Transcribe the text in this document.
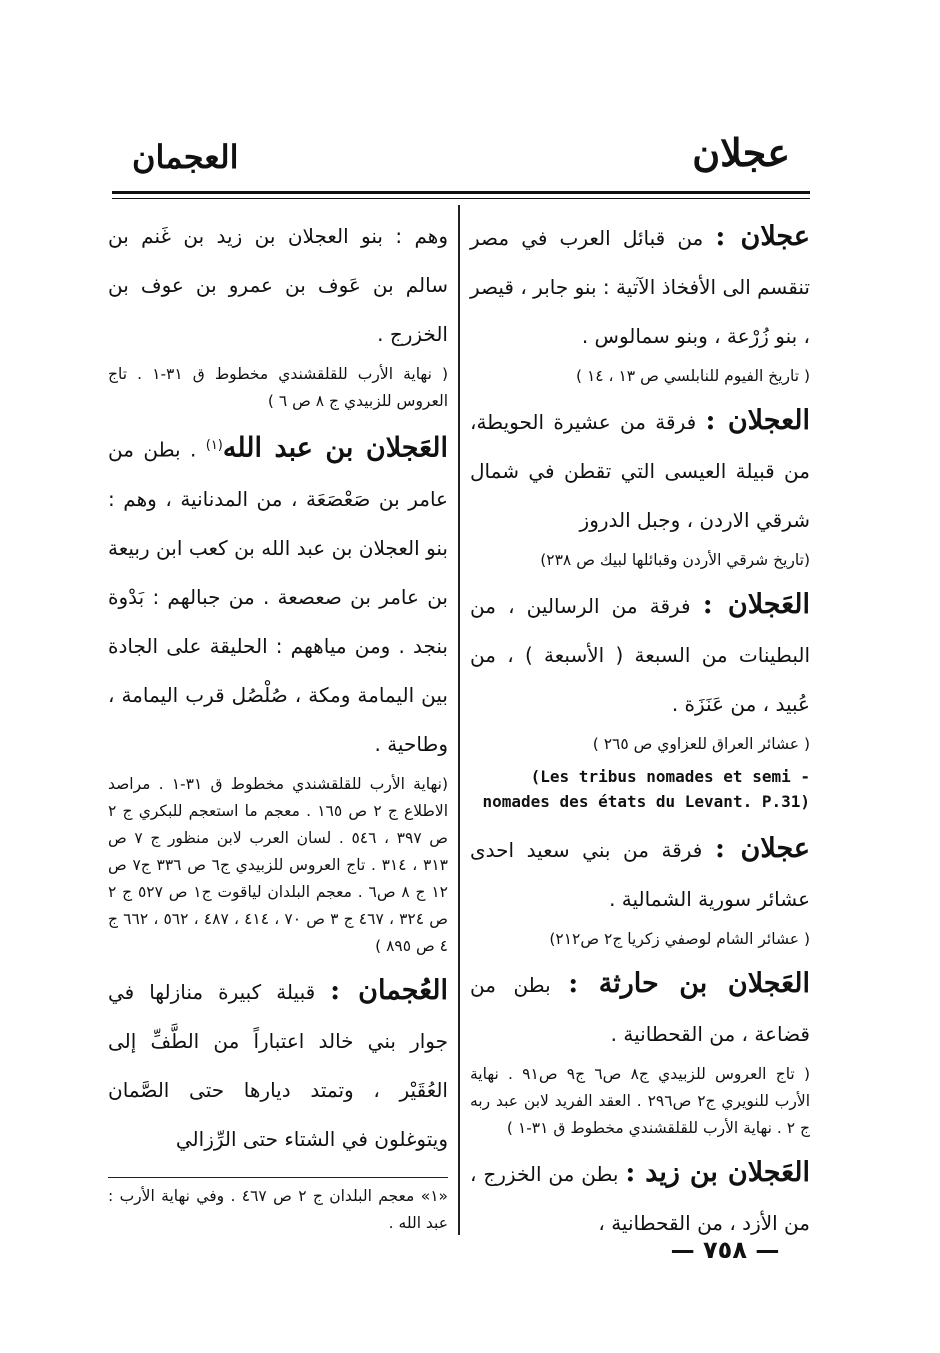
عجلان
العجمان

عجلان : من قبائل العرب في مصر تنقسم الى الأفخاذ الآتية : بنو جابر ، قيصر ، بنو زُرْعة ، وبنو سمالوس .

( تاريخ الفيوم للنابلسي ص ١٣ ، ١٤ )

العجلان : فرقة من عشيرة الحويطة، من قبيلة العيسى التي تقطن في شمال شرقي الاردن ، وجبل الدروز

(تاريخ شرقي الأردن وقبائلها لبيك ص ٢٣٨)

العَجلان : فرقة من الرسالين ، من البطينات من السبعة ( الأسبعة ) ، من عُبيد ، من عَنَزَة .

( عشائر العراق للعزاوي ص ٢٦٥ )

(Les tribus nomades et semi - nomades des états du Levant. P.31)

عجلان : فرقة من بني سعيد احدى عشائر سورية الشمالية .

( عشائر الشام لوصفي زكريا ج٢ ص٢١٢)

العَجلان بن حارثة : بطن من قضاعة ، من القحطانية .

( تاج العروس للزبيدي ج٨ ص٦ ج٩ ص٩١ . نهاية الأرب للنويري ج٢ ص٢٩٦ . العقد الفريد لابن عبد ربه ج ٢ . نهاية الأرب للقلقشندي مخطوط ق ٣١-١ )

العَجلان بن زيد : بطن من الخزرج ، من الأزد ، من القحطانية ،

وهم : بنو العجلان بن زيد بن غَنم بن سالم بن عَوف بن عمرو بن عوف بن الخزرج .

( نهاية الأرب للقلقشندي مخطوط ق ٣١-١ . تاج العروس للزبيدي ج ٨ ص ٦ )

العَجلان بن عبد الله$^{(١)}$ . بطن من عامر بن صَعْصَعَة ، من المدنانية ، وهم : بنو العجلان بن عبد الله بن كعب ابن ربيعة بن عامر بن صعصعة . من جبالهم : بَدْوة بنجد . ومن مياههم : الحليقة على الجادة بين اليمامة ومكة ، صُلْصُل قرب اليمامة ، وطاحية .

(نهاية الأرب للقلقشندي مخطوط ق ٣١-١ . مراصد الاطلاع ج ٢ ص ١٦٥ . معجم ما استعجم للبكري ج ٢ ص ٣٩٧ ، ٥٤٦ . لسان العرب لابن منظور ج ٧ ص ٣١٣ ، ٣١٤ . تاج العروس للزبيدي ج٦ ص ٣٣٦ ج٧ ص ١٢ ج ٨ ص٦ . معجم البلدان لياقوت ج١ ص ٥٢٧ ج ٢ ص ٣٢٤ ، ٤٦٧ ج ٣ ص ٧٠ ، ٤١٤ ، ٤٨٧ ، ٥٦٢ ، ٦٦٢ ج ٤ ص ٨٩٥ )

العُجمان : قبيلة كبيرة منازلها في جوار بني خالد اعتباراً من الطَّفِّ إلى العُقَيْر ، وتمتد ديارها حتى الصَّمان ويتوغلون في الشتاء حتى الرِّزالي

«١» معجم البلدان ج ٢ ص ٤٦٧ . وفي نهاية الأرب : عبد الله .
— ٧٥٨ —
